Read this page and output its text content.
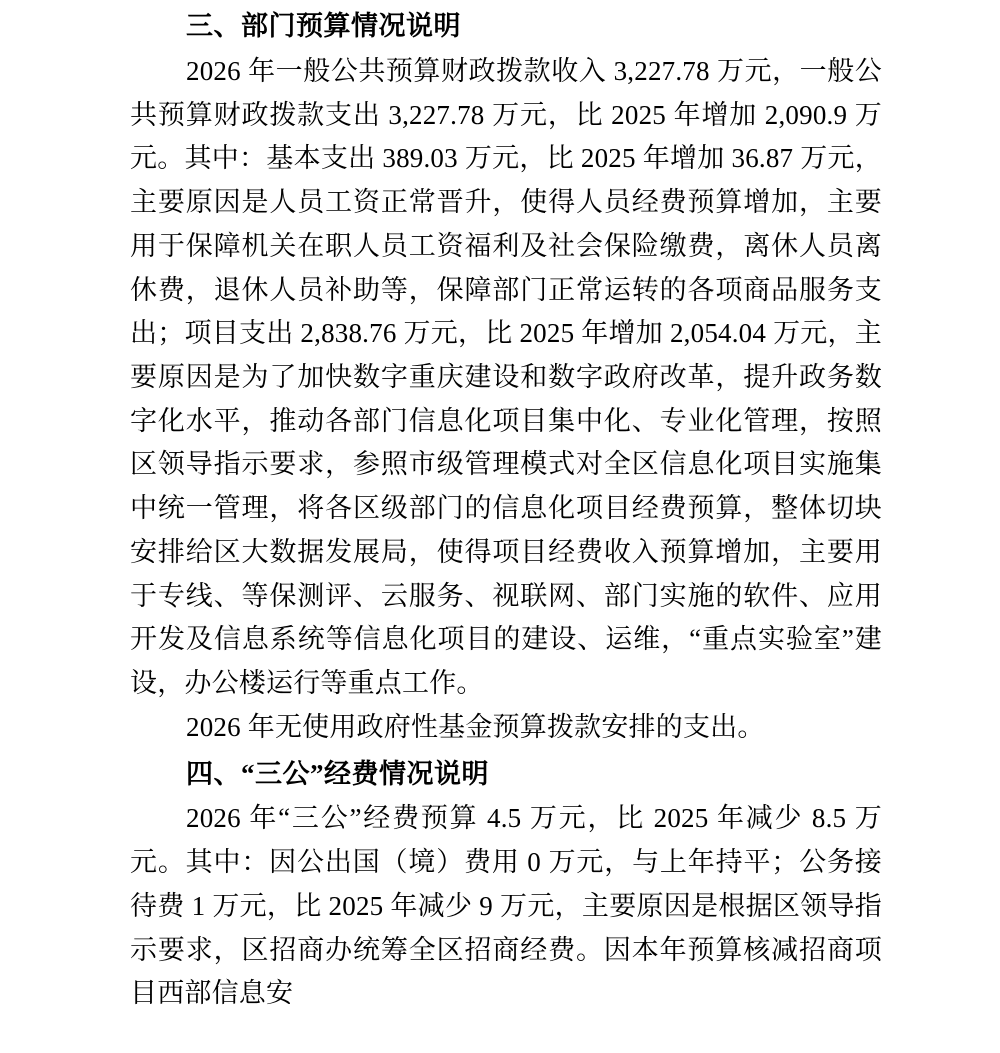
三、部门预算情况说明

2026 年一般公共预算财政拨款收入 3,227.78 万元，一般公共预算财政拨款支出 3,227.78 万元，比 2025 年增加 2,090.9 万元。其中：基本支出 389.03 万元，比 2025 年增加 36.87 万元，主要原因是人员工资正常晋升，使得人员经费预算增加，主要用于保障机关在职人员工资福利及社会保险缴费，离休人员离休费，退休人员补助等，保障部门正常运转的各项商品服务支出；项目支出 2,838.76 万元，比 2025 年增加 2,054.04 万元，主要原因是为了加快数字重庆建设和数字政府改革，提升政务数字化水平，推动各部门信息化项目集中化、专业化管理，按照区领导指示要求，参照市级管理模式对全区信息化项目实施集中统一管理，将各区级部门的信息化项目经费预算，整体切块安排给区大数据发展局，使得项目经费收入预算增加，主要用于专线、等保测评、云服务、视联网、部门实施的软件、应用开发及信息系统等信息化项目的建设、运维，“重点实验室”建设，办公楼运行等重点工作。

2026 年无使用政府性基金预算拨款安排的支出。

四、“三公”经费情况说明

2026 年“三公”经费预算 4.5 万元，比 2025 年减少 8.5 万元。其中：因公出国（境）费用 0 万元，与上年持平；公务接待费 1 万元，比 2025 年减少 9 万元，主要原因是根据区领导指示要求，区招商办统筹全区招商经费。因本年预算核减招商项目西部信息安
